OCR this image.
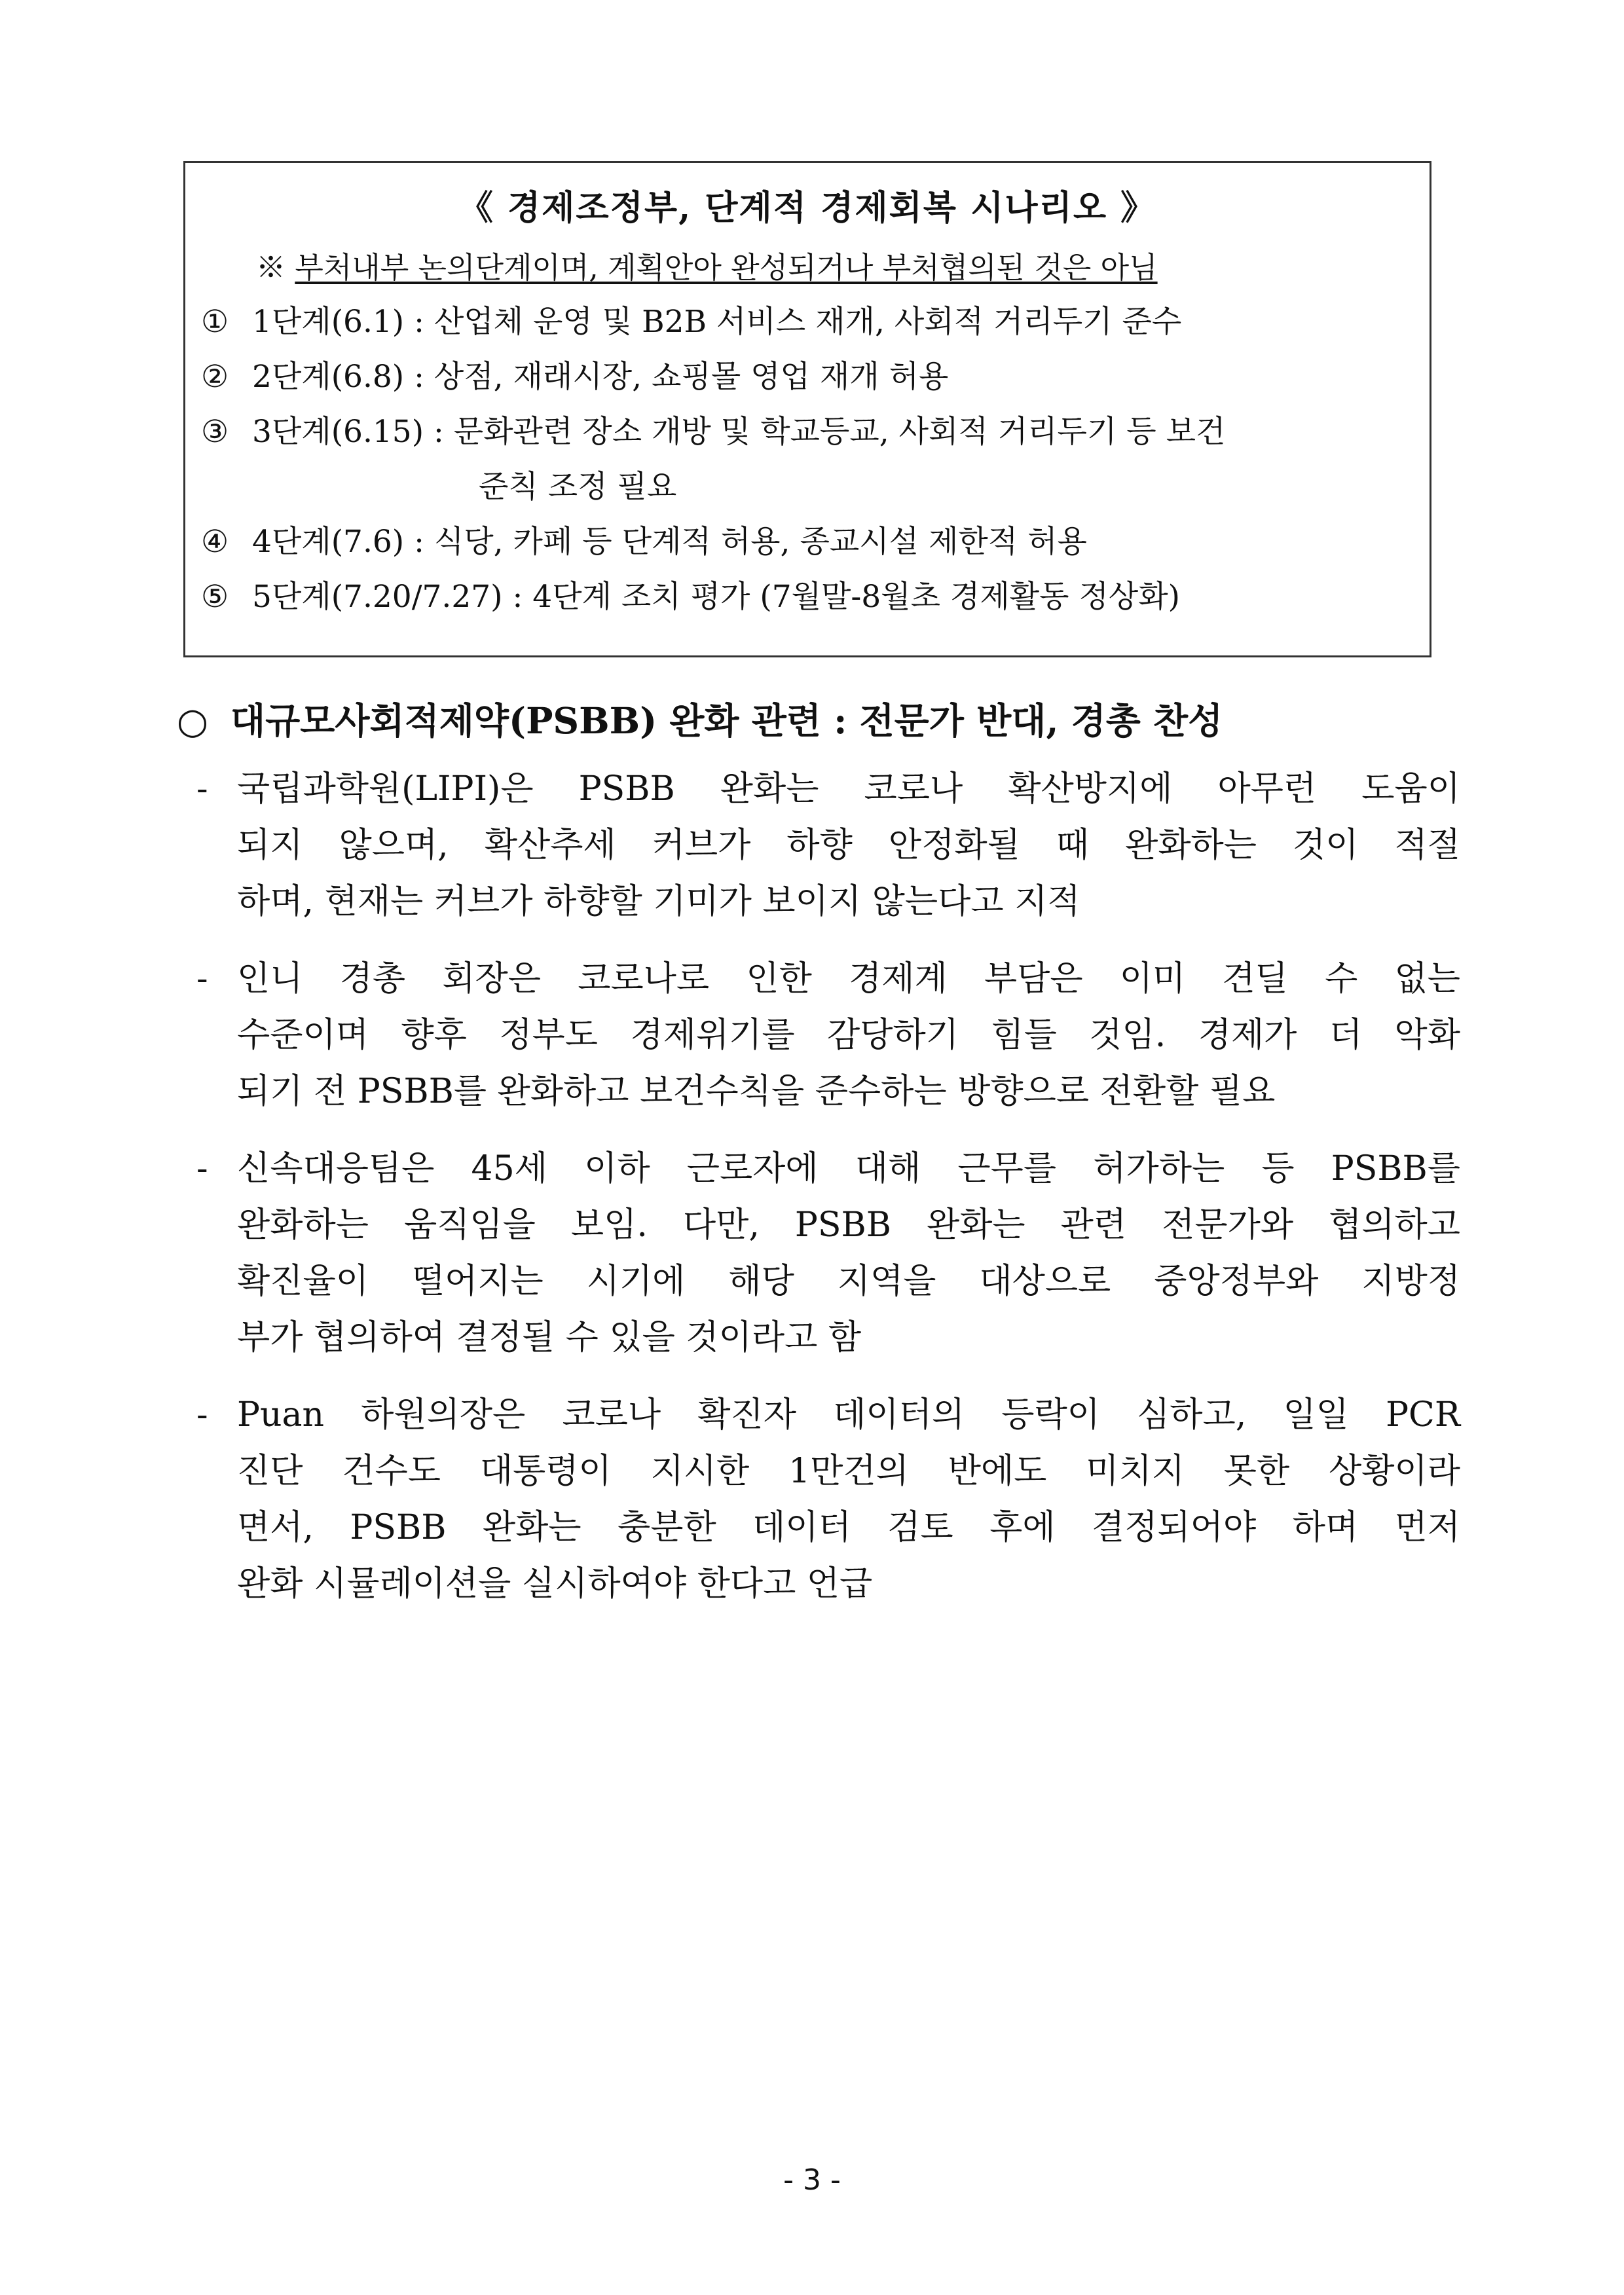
《 경제조정부, 단계적 경제회복 시나리오 》
※ 부처내부 논의단계이며, 계획안아 완성되거나 부처협의된 것은 아님
① 1단계(6.1) : 산업체 운영 및 B2B 서비스 재개, 사회적 거리두기 준수
② 2단계(6.8) : 상점, 재래시장, 쇼핑몰 영업 재개 허용
③ 3단계(6.15) : 문화관련 장소 개방 및 학교등교, 사회적 거리두기 등 보건
준칙 조정 필요
④ 4단계(7.6) : 식당, 카페 등 단계적 허용, 종교시설 제한적 허용
⑤ 5단계(7.20/7.27) : 4단계 조치 평가 (7월말-8월초 경제활동 정상화)
○ 대규모사회적제약(PSBB) 완화 관련 : 전문가 반대, 경총 찬성
- 국립과학원(LIPI)은 PSBB 완화는 코로나 확산방지에 아무런 도움이
되지 않으며, 확산추세 커브가 하향 안정화될 때 완화하는 것이 적절
하며, 현재는 커브가 하향할 기미가 보이지 않는다고 지적
- 인니 경총 회장은 코로나로 인한 경제계 부담은 이미 견딜 수 없는
수준이며 향후 정부도 경제위기를 감당하기 힘들 것임. 경제가 더 악화
되기 전 PSBB를 완화하고 보건수칙을 준수하는 방향으로 전환할 필요
- 신속대응팀은 45세 이하 근로자에 대해 근무를 허가하는 등 PSBB를
완화하는 움직임을 보임. 다만, PSBB 완화는 관련 전문가와 협의하고
확진율이 떨어지는 시기에 해당 지역을 대상으로 중앙정부와 지방정
부가 협의하여 결정될 수 있을 것이라고 함
- Puan 하원의장은 코로나 확진자 데이터의 등락이 심하고, 일일 PCR
진단 건수도 대통령이 지시한 1만건의 반에도 미치지 못한 상황이라
면서, PSBB 완화는 충분한 데이터 검토 후에 결정되어야 하며 먼저
완화 시뮬레이션을 실시하여야 한다고 언급
- 3 -
